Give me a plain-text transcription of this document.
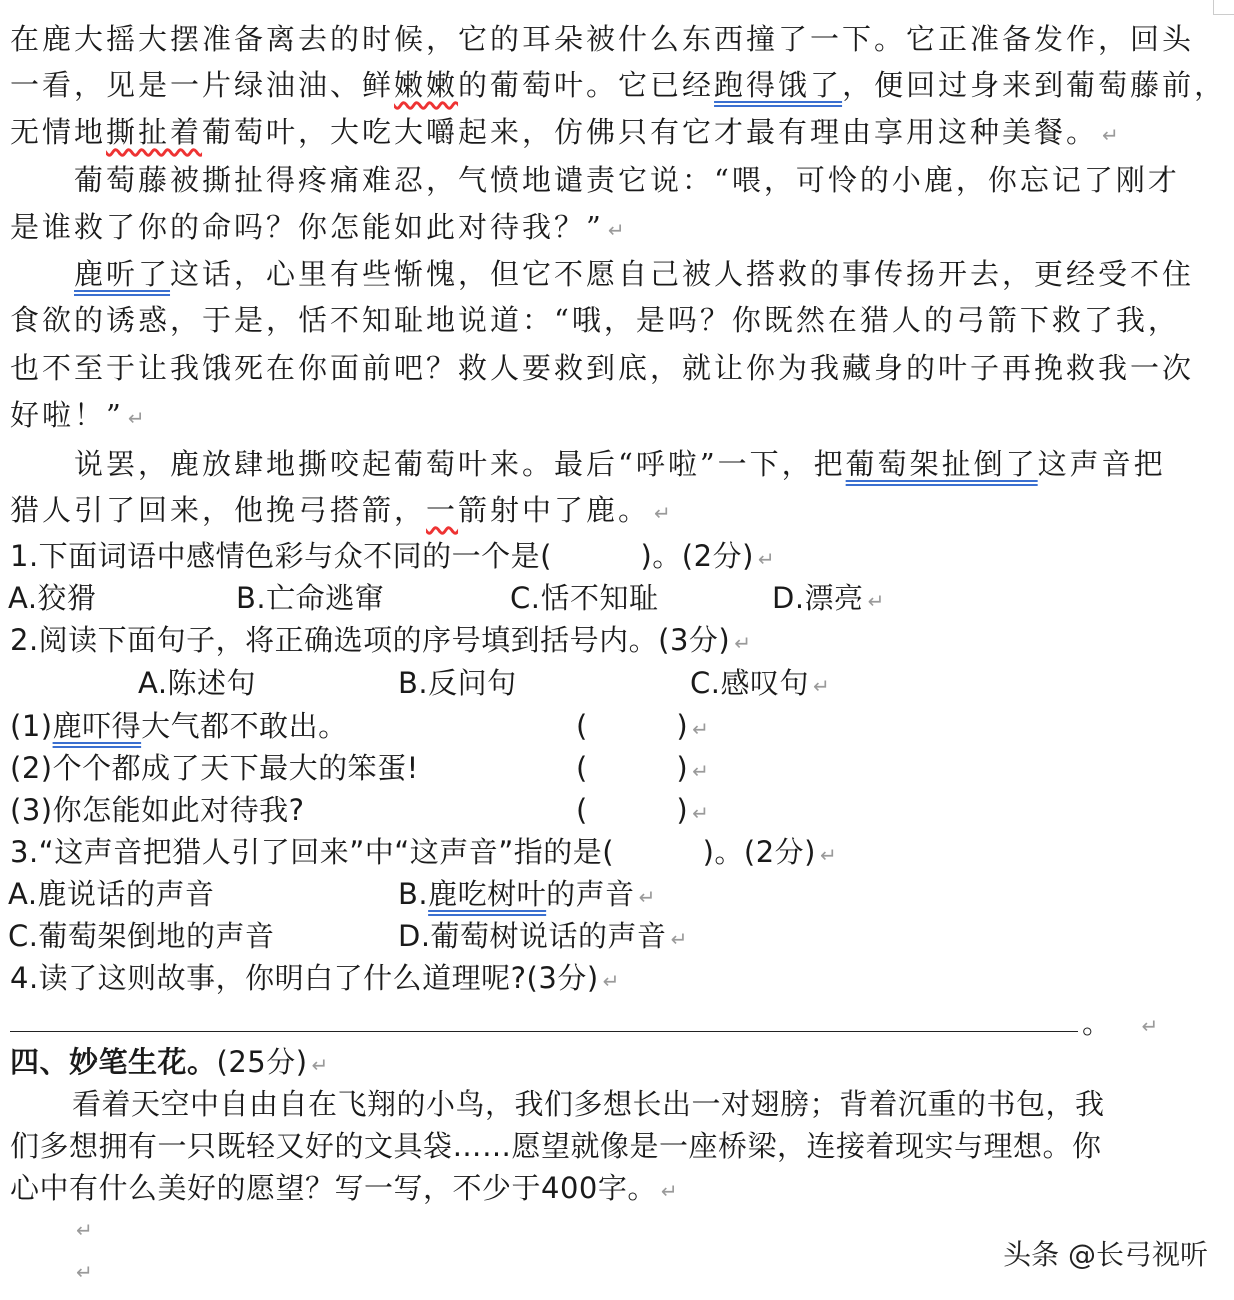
在鹿大摇大摆准备离去的时候，它的耳朵被什么东西撞了一下。它正准备发作，回头
一看，见是一片绿油油、鲜嫩嫩的葡萄叶。它已经跑得饿了，便回过身来到葡萄藤前，
无情地撕扯着葡萄叶，大吃大嚼起来，仿佛只有它才最有理由享用这种美餐。 ↵
葡萄藤被撕扯得疼痛难忍，气愤地谴责它说：“喂，可怜的小鹿，你忘记了刚才
是谁救了你的命吗？你怎能如此对待我？” ↵
鹿听了这话，心里有些惭愧，但它不愿自己被人搭救的事传扬开去，更经受不住
食欲的诱惑，于是，恬不知耻地说道：“哦，是吗？你既然在猎人的弓箭下救了我，
也不至于让我饿死在你面前吧？救人要救到底，就让你为我藏身的叶子再挽救我一次
好啦！” ↵
说罢，鹿放肆地撕咬起葡萄叶来。最后“呼啦”一下，把葡萄架扯倒了这声音把
猎人引了回来，他挽弓搭箭，一箭射中了鹿。 ↵
1.下面词语中感情色彩与众不同的一个是(　　　)。(2分) ↵
A.狡猾	B.亡命逃窜	C.恬不知耻	D.漂亮 ↵
2.阅读下面句子，将正确选项的序号填到括号内。(3分) ↵
A.陈述句	B.反问句	C.感叹句 ↵
(1)鹿吓得大气都不敢出。	(　　　) ↵
(2)个个都成了天下最大的笨蛋!	(　　　) ↵
(3)你怎能如此对待我?	(　　　) ↵
3.“这声音把猎人引了回来”中“这声音”指的是(　　　)。(2分) ↵
A.鹿说话的声音	B.鹿吃树叶的声音 ↵
C.葡萄架倒地的声音	D.葡萄树说话的声音 ↵
4.读了这则故事，你明白了什么道理呢?(3分) ↵
。 ↵
四、妙笔生花。(25分) ↵
看着天空中自由自在飞翔的小鸟，我们多想长出一对翅膀；背着沉重的书包，我
们多想拥有一只既轻又好的文具袋……愿望就像是一座桥梁，连接着现实与理想。你
心中有什么美好的愿望？写一写，不少于400字。 ↵
↵
↵
头条 @长弓视听
